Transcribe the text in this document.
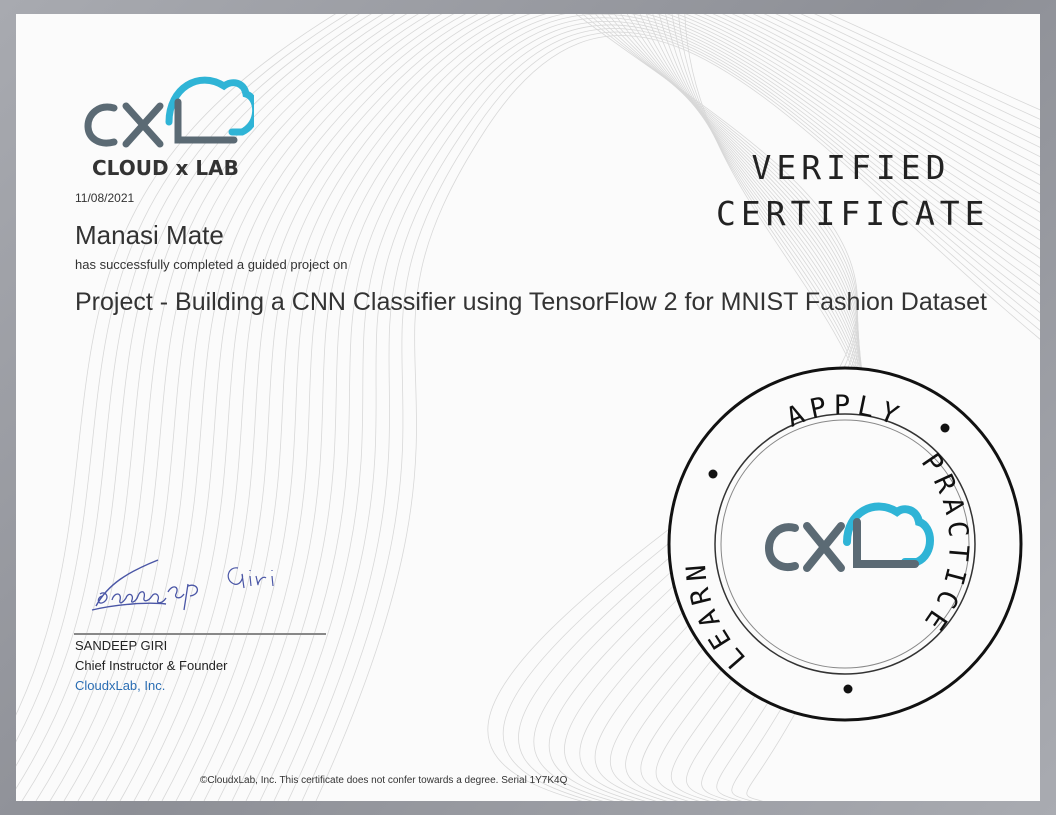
CLOUD x LAB
11/08/2021
Manasi Mate
has successfully completed a guided project on
Project - Building a CNN Classifier using TensorFlow 2 for MNIST Fashion Dataset
VERIFIED
CERTIFICATE
SANDEEP GIRI
Chief Instructor & Founder
CloudxLab, Inc.
APPLY
PRACTICE
LEARN
©CloudxLab, Inc. This certificate does not confer towards a degree. Serial 1Y7K4Q
